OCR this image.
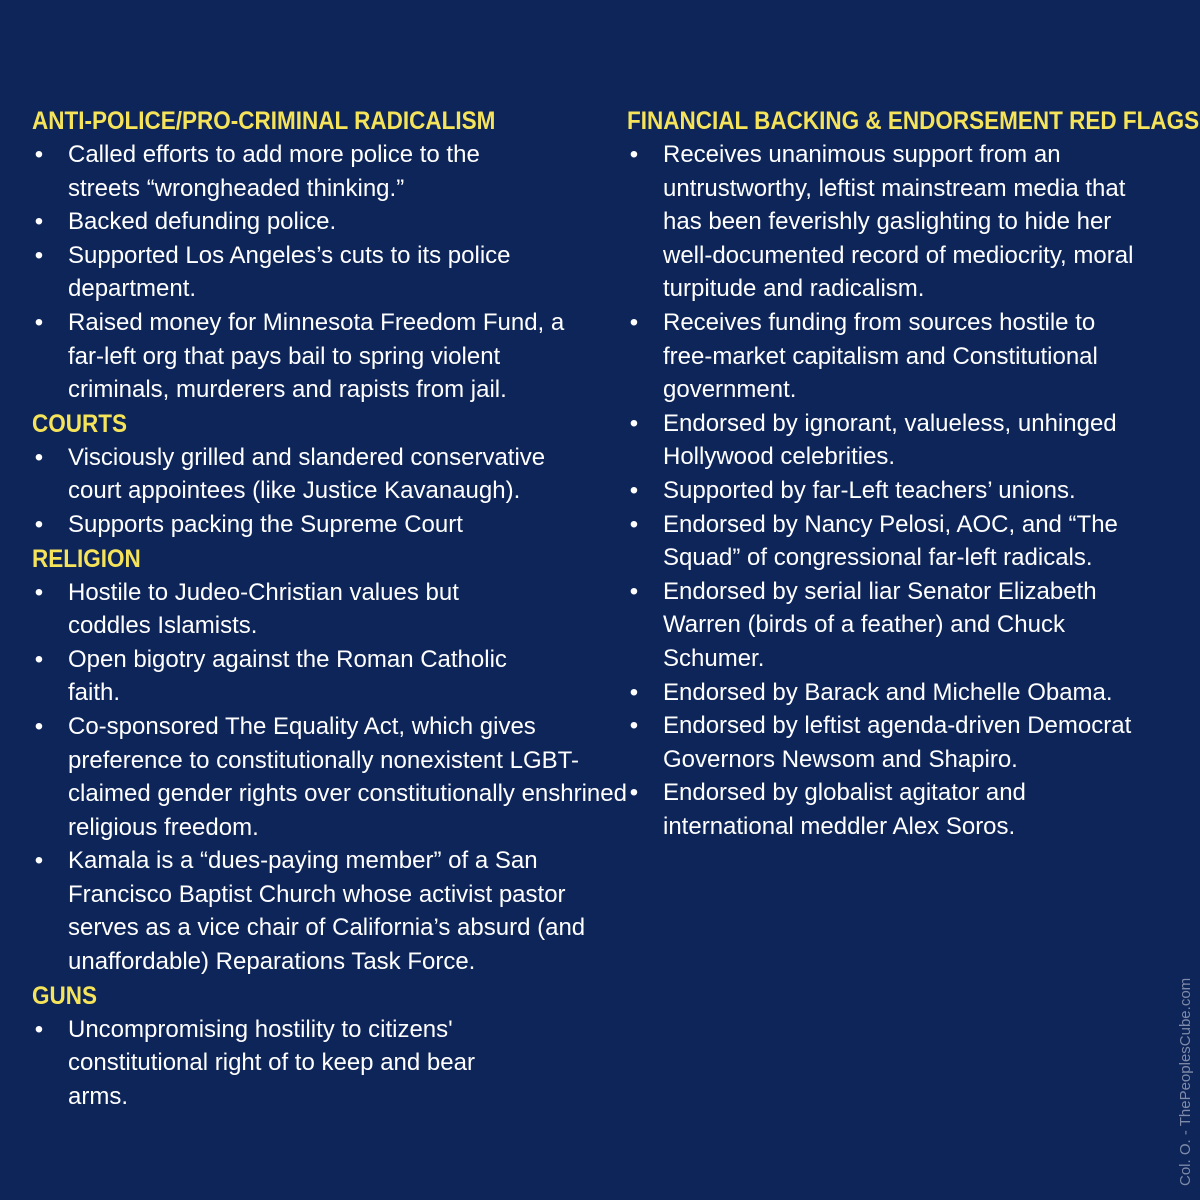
ANTI-POLICE/PRO-CRIMINAL RADICALISM
• Called efforts to add more police to the streets “wrongheaded thinking.”
• Backed defunding police.
• Supported Los Angeles’s cuts to its police department.
• Raised money for Minnesota Freedom Fund, a far-left org that pays bail to spring violent criminals, murderers and rapists from jail.
COURTS
• Visciously grilled and slandered conservative court appointees (like Justice Kavanaugh).
• Supports packing the Supreme Court
RELIGION
• Hostile to Judeo-Christian values but coddles Islamists.
• Open bigotry against the Roman Catholic faith.
• Co-sponsored The Equality Act, which gives preference to constitutionally nonexistent LGBT-claimed gender rights over constitutionally enshrined religious freedom.
• Kamala is a “dues-paying member” of a San Francisco Baptist Church whose activist pastor serves as a vice chair of California’s absurd (and unaffordable) Reparations Task Force.
GUNS
• Uncompromising hostility to citizens' constitutional right of to keep and bear arms.
FINANCIAL BACKING & ENDORSEMENT RED FLAGS
• Receives unanimous support from an untrustworthy, leftist mainstream media that has been feverishly gaslighting to hide her well-documented record of mediocrity, moral turpitude and radicalism.
• Receives funding from sources hostile to free-market capitalism and Constitutional government.
• Endorsed by ignorant, valueless, unhinged Hollywood celebrities.
• Supported by far-Left teachers’ unions.
• Endorsed by Nancy Pelosi, AOC, and “The Squad” of congressional far-left radicals.
• Endorsed by serial liar Senator Elizabeth Warren (birds of a feather) and Chuck Schumer.
• Endorsed by Barack and Michelle Obama.
• Endorsed by leftist agenda-driven Democrat Governors Newsom and Shapiro.
• Endorsed by globalist agitator and international meddler Alex Soros.
Col. O. - ThePeoplesCube.com
